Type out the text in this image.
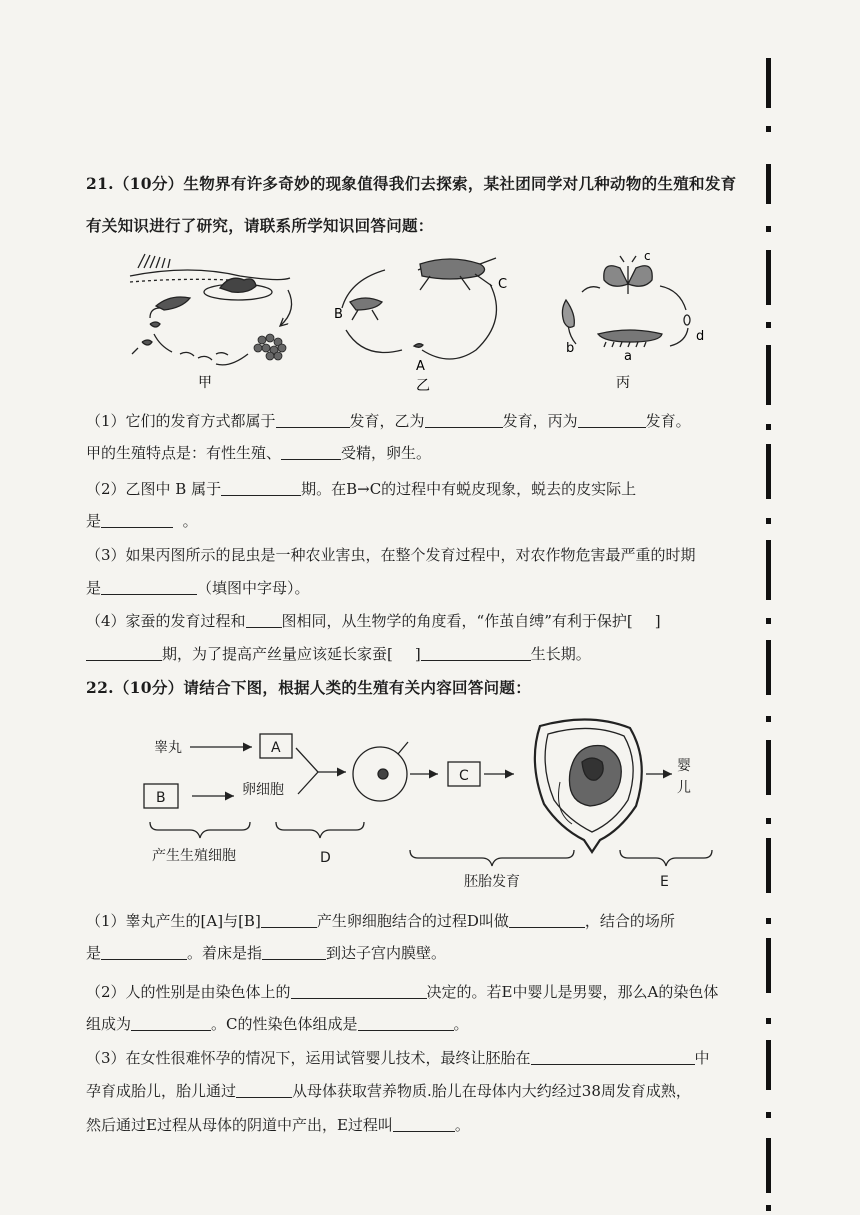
21.（10分）生物界有许多奇妙的现象值得我们去探索，某社团同学对几种动物的生殖和发育
有关知识进行了研究，请联系所学知识回答问题：
甲
C
B
A
乙
c
d
a
b
丙
（1）它们的发育方式都属于	发育，乙为	发育，丙为	发育。
甲的生殖特点是：有性生殖、	受精，卵生。
（2）乙图中 B 属于	期。在B→C的过程中有蜕皮现象，蜕去的皮实际上
是	。
（3）如果丙图所示的昆虫是一种农业害虫，在整个发育过程中，对农作物危害最严重的时期
是	（填图中字母）。
（4）家蚕的发育过程和 图相同，从生物学的角度看，“作茧自缚”有利于保护[ ]
期，为了提高产丝量应该延长家蚕[ ]	生长期。
22.（10分）请结合下图，根据人类的生殖有关内容回答问题：
睾丸
卵细胞
婴
儿
产生生殖细胞	D
胚胎发育	E
A
B
C
（1）睾丸产生的[A]与[B]	产生卵细胞结合的过程D叫做	，结合的场所
是	。着床是指	到达子宫内膜壁。
（2）人的性别是由染色体上的	决定的。若E中婴儿是男婴，那么A的染色体
组成为	。C的性染色体组成是	。
（3）在女性很难怀孕的情况下，运用试管婴儿技术，最终让胚胎在	中
孕育成胎儿，胎儿通过	从母体获取营养物质.胎儿在母体内大约经过38周发育成熟，
然后通过E过程从母体的阴道中产出，E过程叫	。
